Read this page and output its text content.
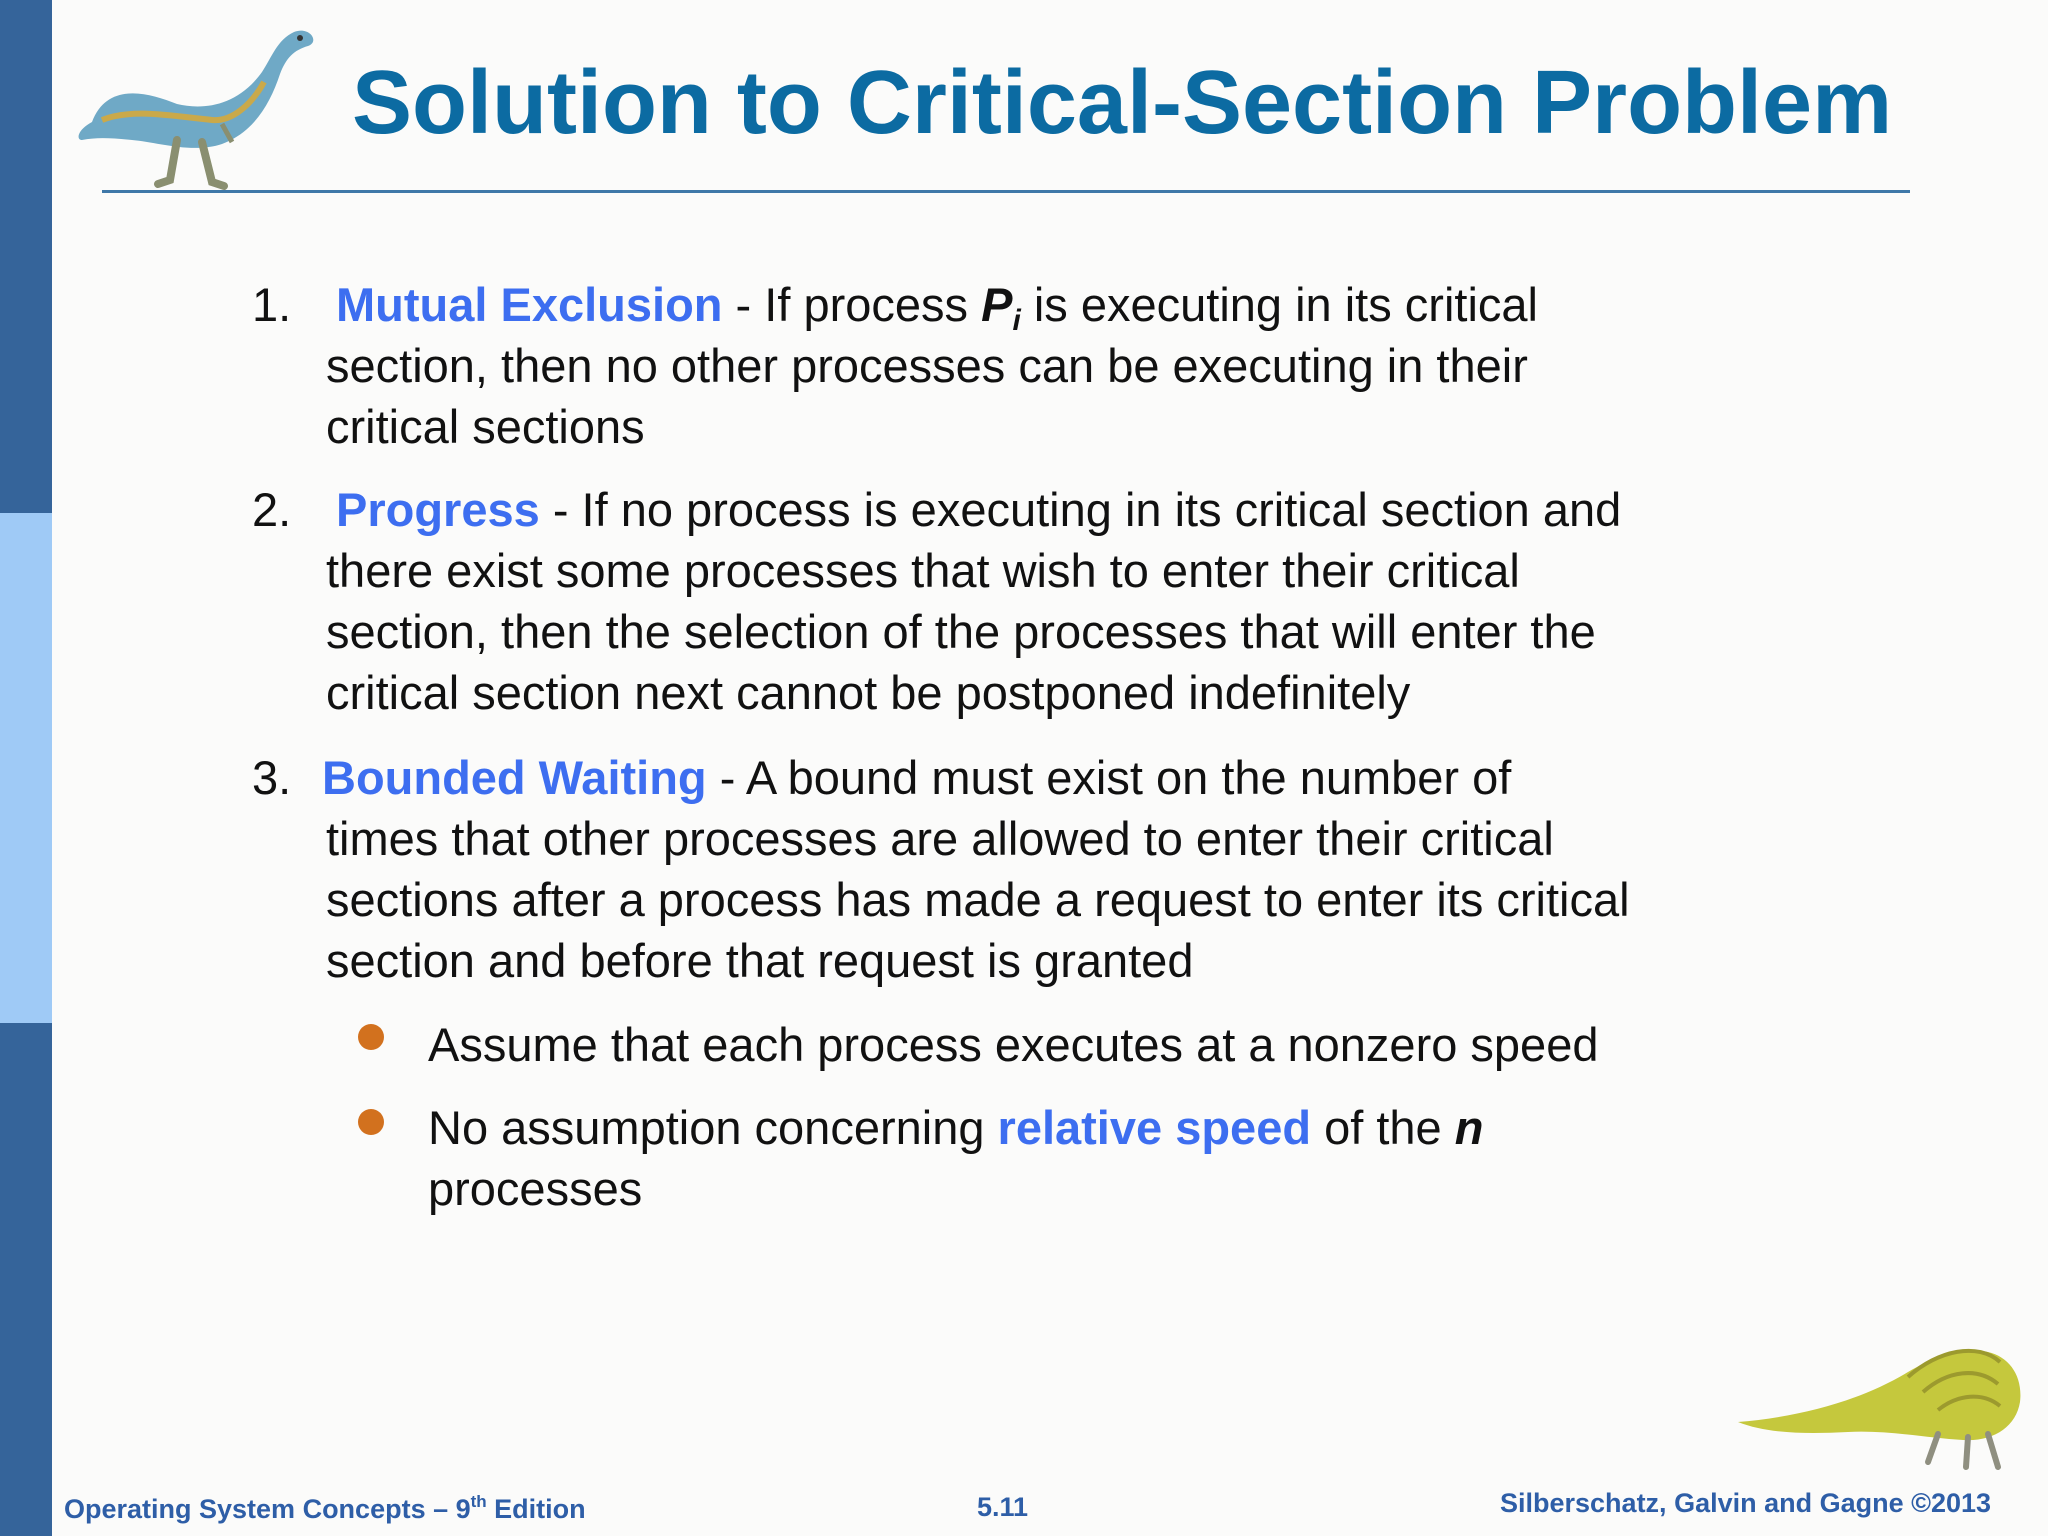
Solution to Critical-Section Problem
1. Mutual Exclusion - If process $P_i$ is executing in its critical
section, then no other processes can be executing in their
critical sections
2. Progress - If no process is executing in its critical section and
there exist some processes that wish to enter their critical
section, then the selection of the processes that will enter the
critical section next cannot be postponed indefinitely
3. Bounded Waiting - A bound must exist on the number of
times that other processes are allowed to enter their critical
sections after a process has made a request to enter its critical
section and before that request is granted
Assume that each process executes at a nonzero speed
No assumption concerning relative speed of the n
processes
Operating System Concepts – 9th Edition	5.11	Silberschatz, Galvin and Gagne ©2013
